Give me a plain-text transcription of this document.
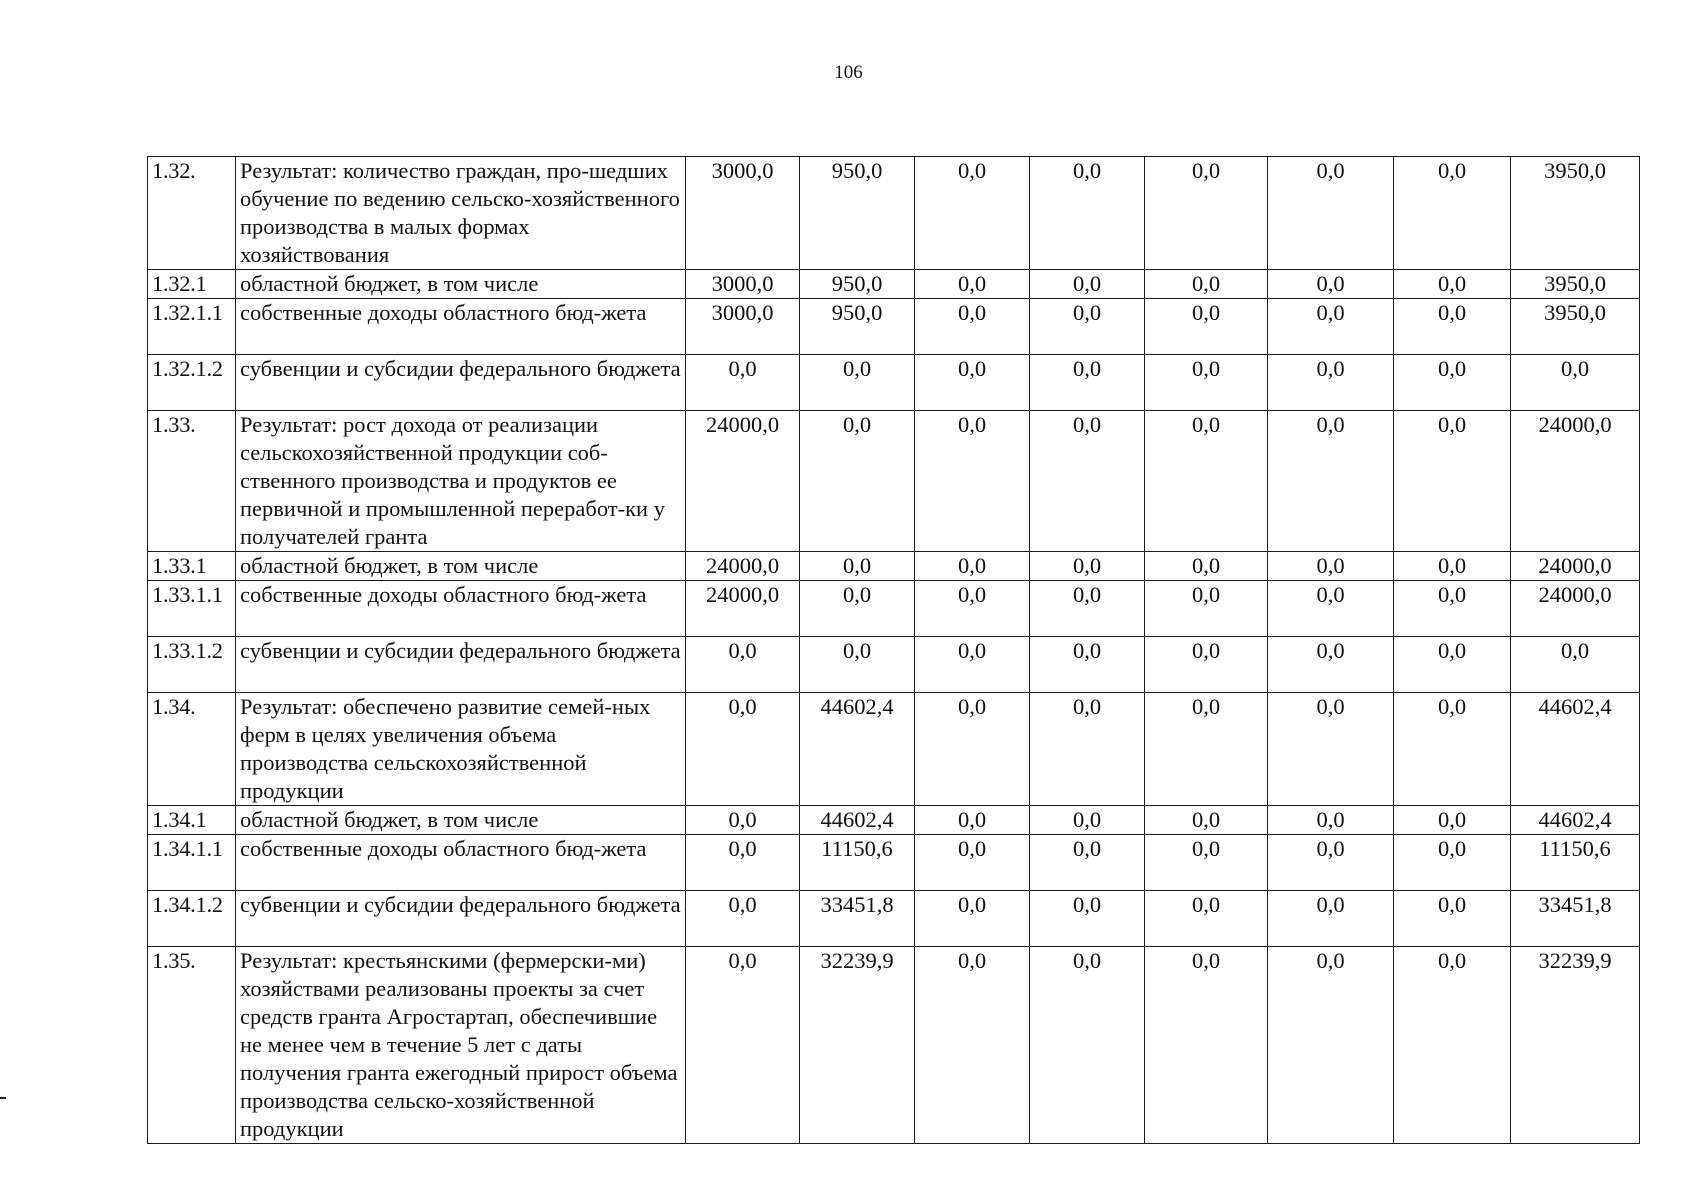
106
1.32.	Результат: количество граждан, про-шедших обучение по ведению сельско-хозяйственного производства в малых формах хозяйствования	3000,0	950,0	0,0	0,0	0,0	0,0	0,0	3950,0
1.32.1	областной бюджет, в том числе	3000,0	950,0	0,0	0,0	0,0	0,0	0,0	3950,0
1.32.1.1	собственные доходы областного бюд-жета	3000,0	950,0	0,0	0,0	0,0	0,0	0,0	3950,0
1.32.1.2	субвенции и субсидии федерального бюджета	0,0	0,0	0,0	0,0	0,0	0,0	0,0	0,0
1.33.	Результат: рост дохода от реализации сельскохозяйственной продукции соб-ственного производства и продуктов ее первичной и промышленной переработ-ки у получателей гранта	24000,0	0,0	0,0	0,0	0,0	0,0	0,0	24000,0
1.33.1	областной бюджет, в том числе	24000,0	0,0	0,0	0,0	0,0	0,0	0,0	24000,0
1.33.1.1	собственные доходы областного бюд-жета	24000,0	0,0	0,0	0,0	0,0	0,0	0,0	24000,0
1.33.1.2	субвенции и субсидии федерального бюджета	0,0	0,0	0,0	0,0	0,0	0,0	0,0	0,0
1.34.	Результат: обеспечено развитие семей-ных ферм в целях увеличения объема производства сельскохозяйственной продукции	0,0	44602,4	0,0	0,0	0,0	0,0	0,0	44602,4
1.34.1	областной бюджет, в том числе	0,0	44602,4	0,0	0,0	0,0	0,0	0,0	44602,4
1.34.1.1	собственные доходы областного бюд-жета	0,0	11150,6	0,0	0,0	0,0	0,0	0,0	11150,6
1.34.1.2	субвенции и субсидии федерального бюджета	0,0	33451,8	0,0	0,0	0,0	0,0	0,0	33451,8
1.35.	Результат: крестьянскими (фермерски-ми) хозяйствами реализованы проекты за счет средств гранта Агростартап, обеспечившие не менее чем в течение 5 лет с даты получения гранта ежегодный прирост объема производства сельско-хозяйственной продукции	0,0	32239,9	0,0	0,0	0,0	0,0	0,0	32239,9
